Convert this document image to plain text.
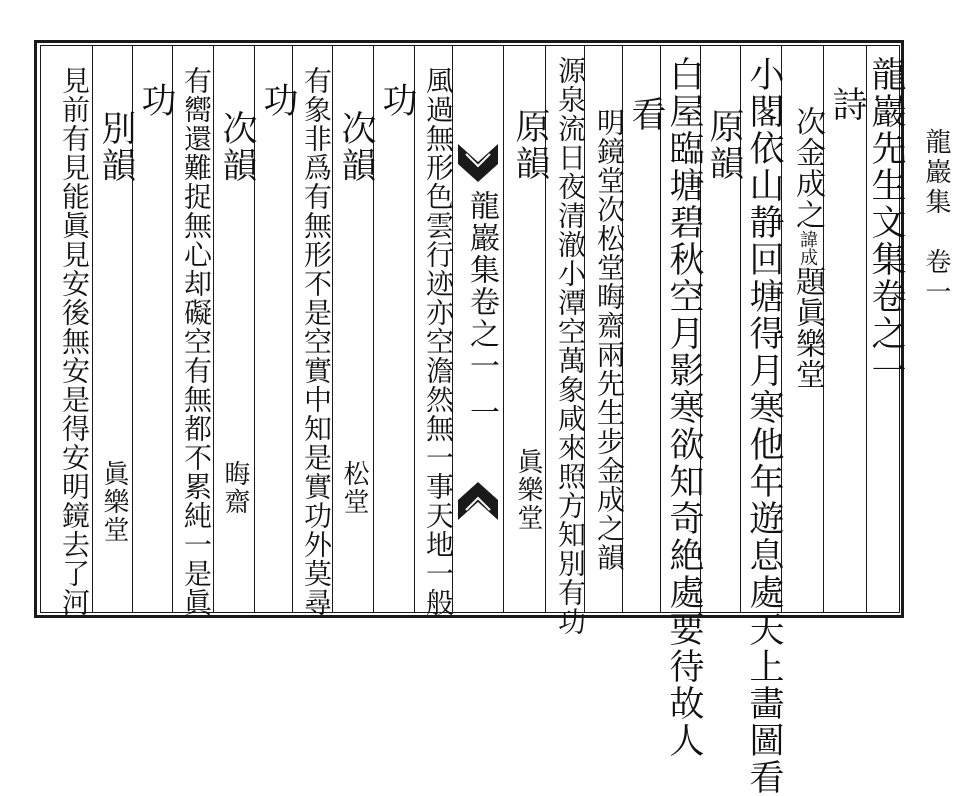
龍巖集　卷一
龍巖集卷之一
一
龍巖先生文集卷之一
詩
次金成之諱成題眞樂堂
小閣依山静回塘得月寒他年遊息處天上畵圖看
原韻
白屋臨塘碧秋空月影寒欲知奇絶處要待故人
看
明鏡堂次松堂晦齋兩先生步金成之韻
源泉流日夜清澈小潭空萬象咸來照方知別有功
原韻
眞樂堂
風過無形色雲行迹亦空澹然無一事天地一般
功
次韻
松堂
有象非爲有無形不是空實中知是實功外莫尋
功
次韻
晦齋
有嚮還難捉無心却礙空有無都不累純一是眞
功
別韻
眞樂堂
見前有見能眞見安後無安是得安明鏡去了河
